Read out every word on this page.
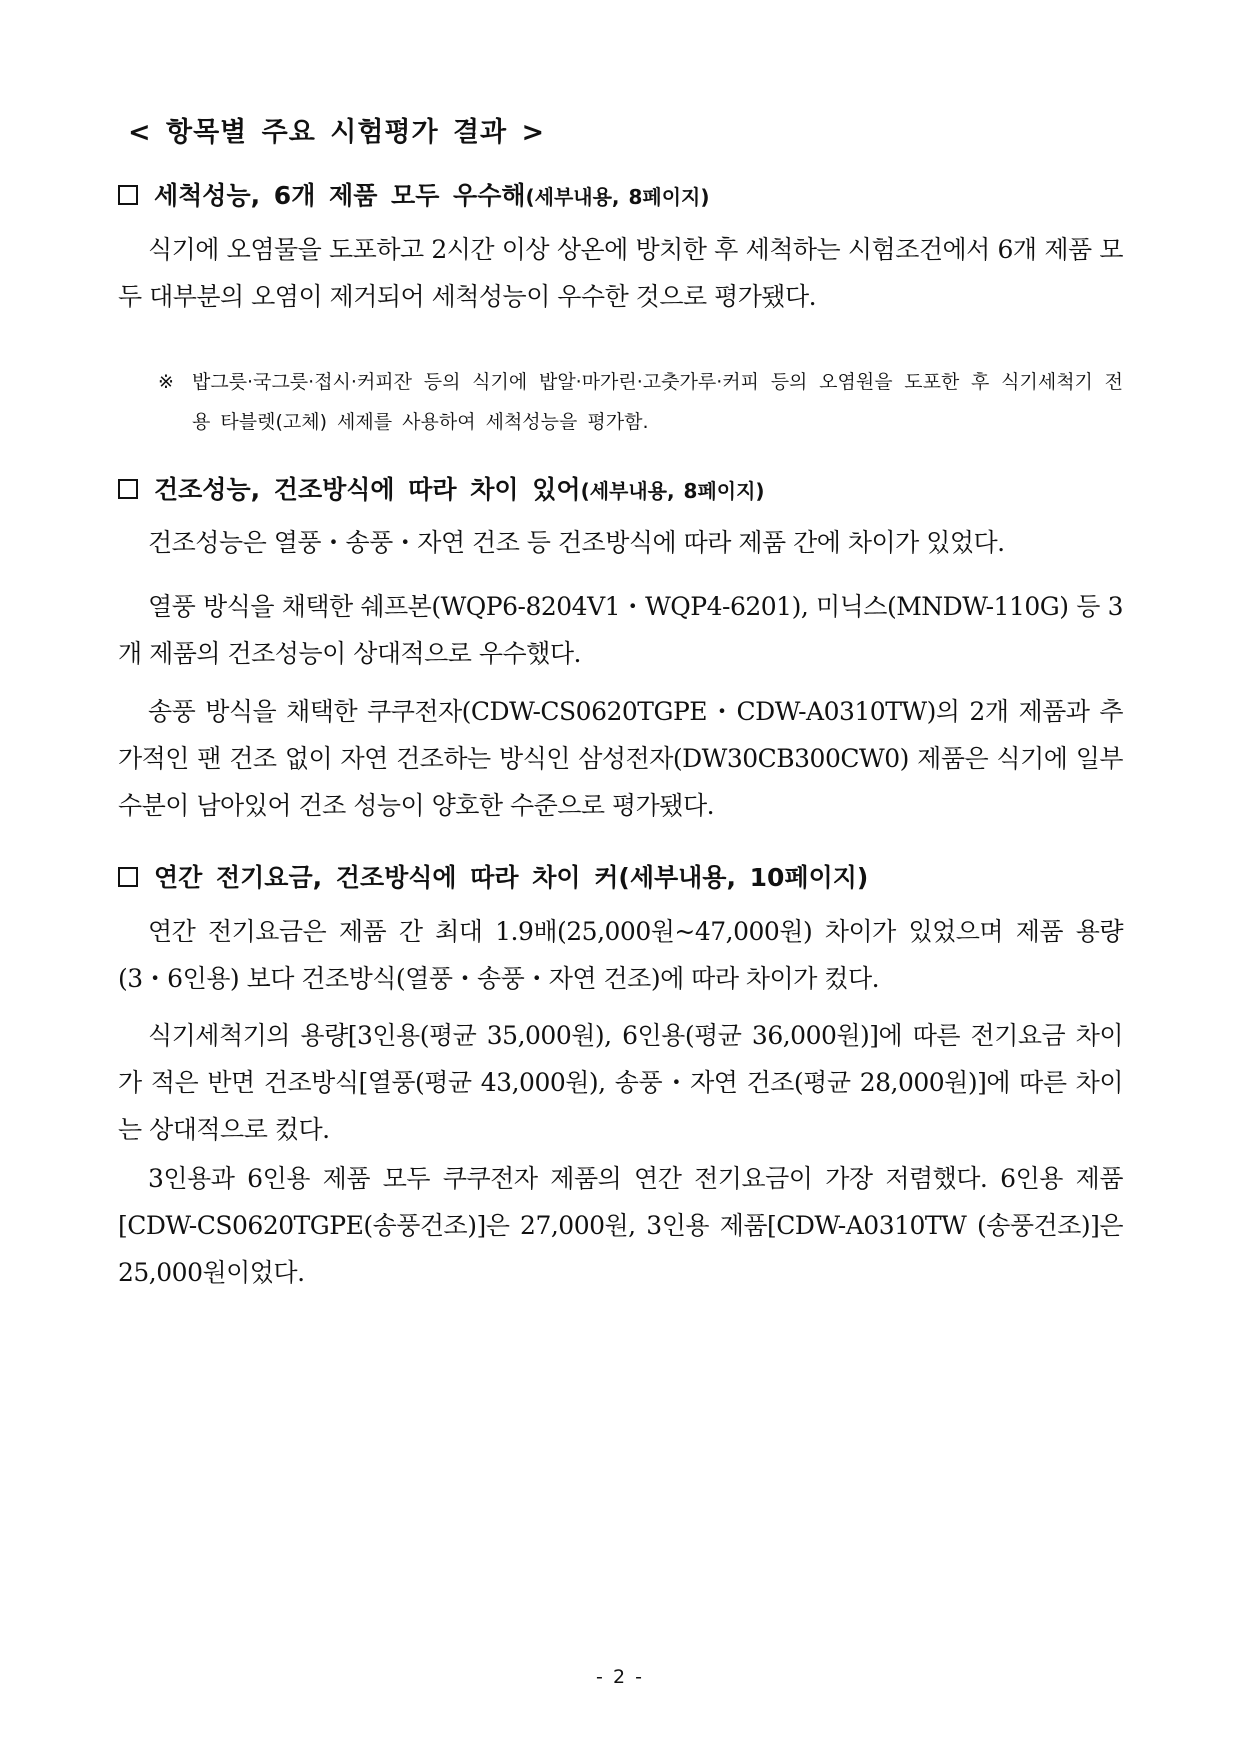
< 항목별 주요 시험평가 결과 >
세척성능, 6개 제품 모두 우수해(세부내용, 8페이지)

식기에 오염물을 도포하고 2시간 이상 상온에 방치한 후 세척하는 시험조건에서 6개 제품 모두 대부분의 오염이 제거되어 세척성능이 우수한 것으로 평가됐다.

※ 밥그릇·국그릇·접시·커피잔 등의 식기에 밥알·마가린·고춧가루·커피 등의 오염원을 도포한 후 식기세척기 전용 타블렛(고체) 세제를 사용하여 세척성능을 평가함.
건조성능, 건조방식에 따라 차이 있어(세부내용, 8페이지)

건조성능은 열풍・송풍・자연 건조 등 건조방식에 따라 제품 간에 차이가 있었다.

열풍 방식을 채택한 쉐프본(WQP6-8204V1・WQP4-6201), 미닉스(MNDW-110G) 등 3개 제품의 건조성능이 상대적으로 우수했다.

송풍 방식을 채택한 쿠쿠전자(CDW-CS0620TGPE・CDW-A0310TW)의 2개 제품과 추가적인 팬 건조 없이 자연 건조하는 방식인 삼성전자(DW30CB300CW0) 제품은 식기에 일부 수분이 남아있어 건조 성능이 양호한 수준으로 평가됐다.

연간 전기요금, 건조방식에 따라 차이 커(세부내용, 10페이지)

연간 전기요금은 제품 간 최대 1.9배(25,000원~47,000원) 차이가 있었으며 제품 용량(3・6인용) 보다 건조방식(열풍・송풍・자연 건조)에 따라 차이가 컸다.

식기세척기의 용량[3인용(평균 35,000원), 6인용(평균 36,000원)]에 따른 전기요금 차이가 적은 반면 건조방식[열풍(평균 43,000원), 송풍・자연 건조(평균 28,000원)]에 따른 차이는 상대적으로 컸다.

3인용과 6인용 제품 모두 쿠쿠전자 제품의 연간 전기요금이 가장 저렴했다. 6인용 제품[CDW-CS0620TGPE(송풍건조)]은 27,000원, 3인용 제품[CDW-A0310TW (송풍건조)]은 25,000원이었다.

- 2 -
